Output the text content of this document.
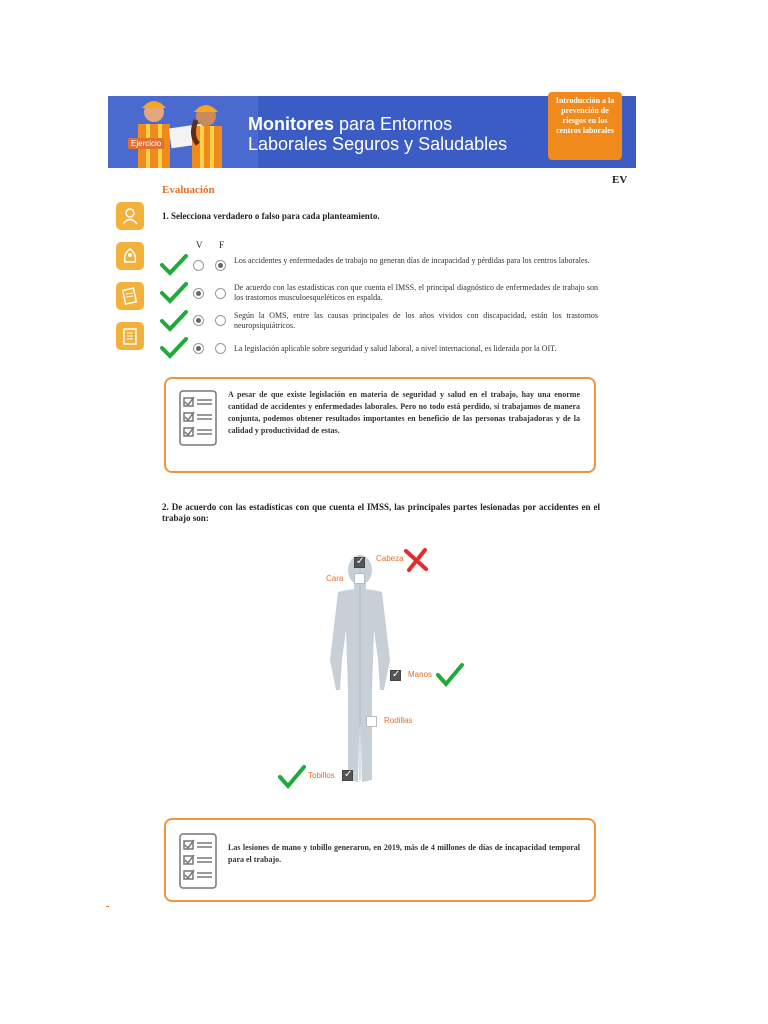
Monitores para Entornos
Laborales Seguros y Saludables
Ejercicio
Introducción a la prevención de riesgos en los centros laborales
EV
Evaluación
1. Selecciona verdadero o falso para cada planteamiento.
V F
Los accidentes y enfermedades de trabajo no generan días de incapacidad y pérdidas para los centros laborales.
De acuerdo con las estadísticas con que cuenta el IMSS, el principal diagnóstico de enfermedades de trabajo son los trastornos musculoesqueléticos en espalda.
Según la OMS, entre las causas principales de los años vividos con discapacidad, están los trastornos neuropsiquiátricos.
La legislación aplicable sobre seguridad y salud laboral, a nivel internacional, es liderada por la OIT.
A pesar de que existe legislación en materia de seguridad y salud en el trabajo, hay una enorme cantidad de accidentes y enfermedades laborales. Pero no todo está perdido, si trabajamos de manera conjunta, podemos obtener resultados importantes en beneficio de las personas trabajadoras y de la calidad y productividad de estas.
2. De acuerdo con las estadísticas con que cuenta el IMSS, las principales partes lesionadas por accidentes en el trabajo son:
✓
Cabeza
Cara
✓
Manos
Rodillas
✓
Tobillos
Las lesiones de mano y tobillo generaron, en 2019, más de 4 millones de días de incapacidad temporal para el trabajo.
